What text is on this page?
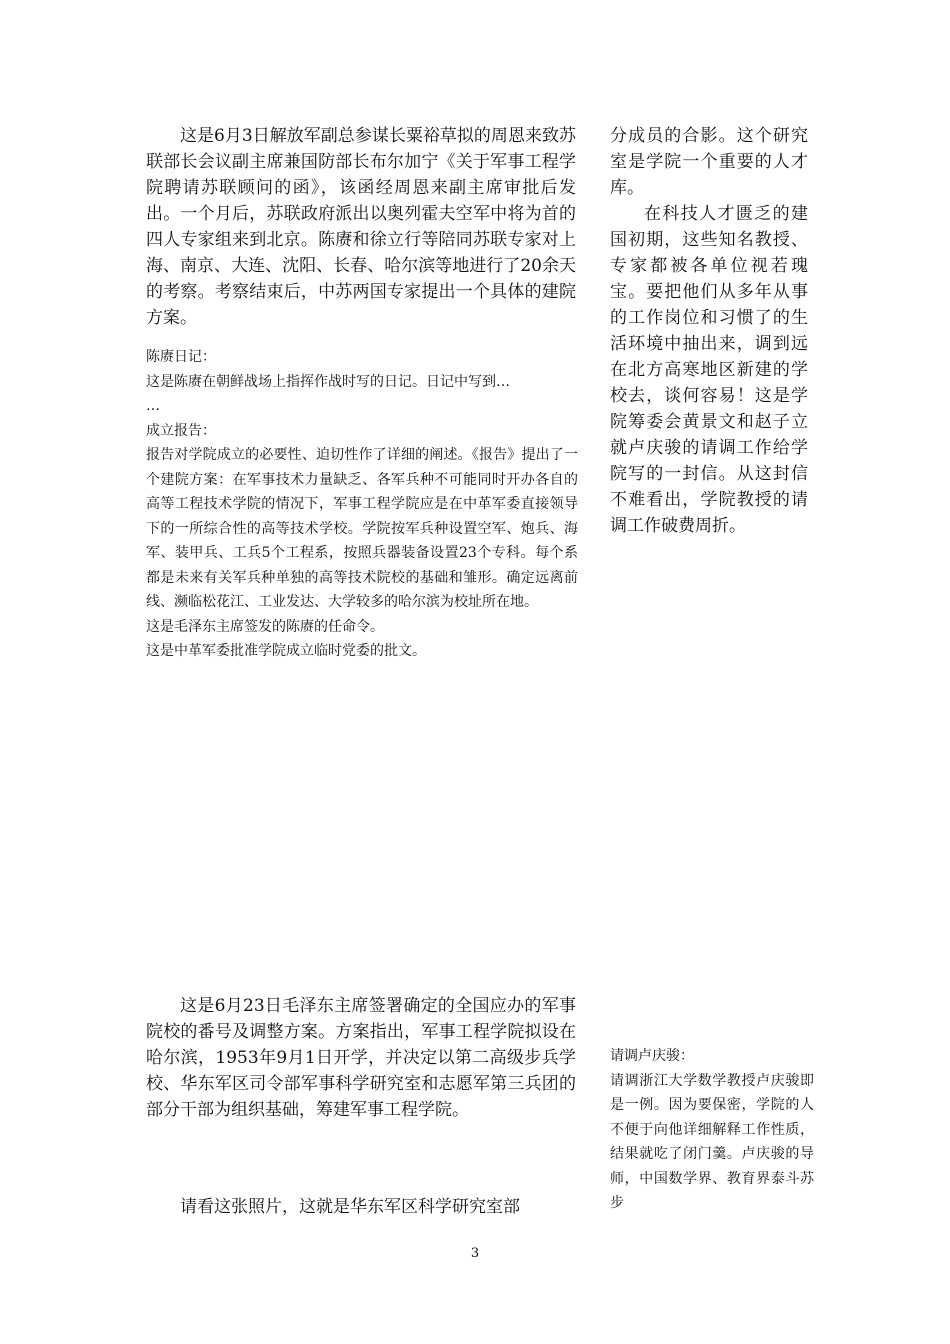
这是6月3日解放军副总参谋长粟裕草拟的周恩来致苏联部长会议副主席兼国防部长布尔加宁《关于军事工程学院聘请苏联顾问的函》，该函经周恩来副主席审批后发出。一个月后，苏联政府派出以奥列霍夫空军中将为首的四人专家组来到北京。陈赓和徐立行等陪同苏联专家对上海、南京、大连、沈阳、长春、哈尔滨等地进行了20余天的考察。考察结束后，中苏两国专家提出一个具体的建院方案。

陈赓日记：
这是陈赓在朝鲜战场上指挥作战时写的日记。日记中写到…
…
成立报告：
报告对学院成立的必要性、迫切性作了详细的阐述。《报告》提出了一个建院方案：在军事技术力量缺乏、各军兵种不可能同时开办各自的高等工程技术学院的情况下，军事工程学院应是在中革军委直接领导下的一所综合性的高等技术学校。学院按军兵种设置空军、炮兵、海军、装甲兵、工兵5个工程系，按照兵器装备设置23个专科。每个系都是未来有关军兵种单独的高等技术院校的基础和雏形。确定远离前线、濒临松花江、工业发达、大学较多的哈尔滨为校址所在地。
这是毛泽东主席签发的陈赓的任命令。
这是中革军委批准学院成立临时党委的批文。

这是6月23日毛泽东主席签署确定的全国应办的军事院校的番号及调整方案。方案指出，军事工程学院拟设在哈尔滨，1953年9月1日开学，并决定以第二高级步兵学校、华东军区司令部军事科学研究室和志愿军第三兵团的部分干部为组织基础，筹建军事工程学院。

请看这张照片，这就是华东军区科学研究室部

分成员的合影。这个研究室是学院一个重要的人才库。

在科技人才匮乏的建国初期，这些知名教授、专家都被各单位视若瑰宝。要把他们从多年从事的工作岗位和习惯了的生活环境中抽出来，调到远在北方高寒地区新建的学校去，谈何容易！这是学院筹委会黄景文和赵子立就卢庆骏的请调工作给学院写的一封信。从这封信不难看出，学院教授的请调工作破费周折。

请调卢庆骏：
请调浙江大学数学教授卢庆骏即是一例。因为要保密，学院的人不便于向他详细解释工作性质，结果就吃了闭门羹。卢庆骏的导师，中国数学界、教育界泰斗苏步
3
